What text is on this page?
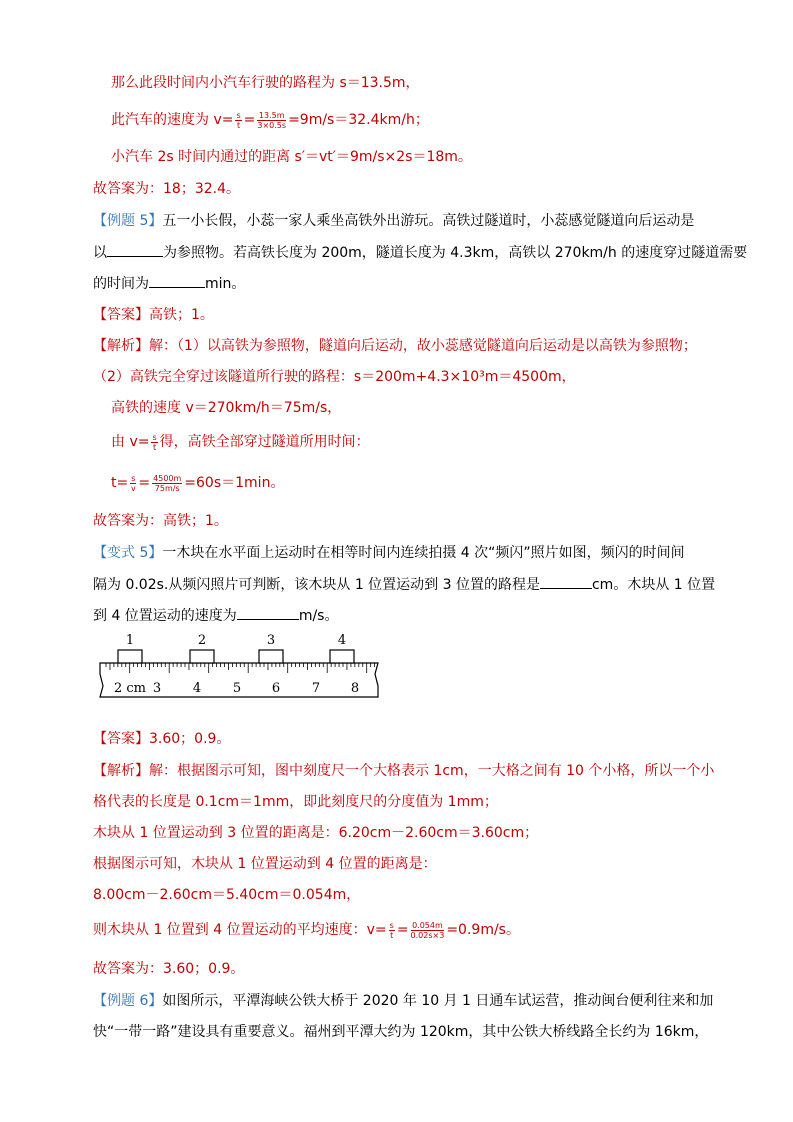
那么此段时间内小汽车行驶的路程为 s＝13.5m，
此汽车的速度为 $v= \frac{s}{t} = \frac{13.5m}{3\times 0.5s} =9m/s=32.4km/h$；
小汽车 2s 时间内通过的距离 s′＝vt′＝9m/s×2s＝18m。
故答案为：18；32.4。
【例题 5】五一小长假，小蕊一家人乘坐高铁外出游玩。高铁过隧道时，小蕊感觉隧道向后运动是
以	为参照物。若高铁长度为 200m，隧道长度为 4.3km，高铁以 270km/h 的速度穿过隧道需要
的时间为	min。
【答案】高铁；1。
【解析】解：（1）以高铁为参照物，隧道向后运动，故小蕊感觉隧道向后运动是以高铁为参照物；
（2）高铁完全穿过该隧道所行驶的路程：s＝200m+4.3×10³m＝4500m，
高铁的速度 v＝270km/h＝75m/s，
由 $v= \frac{s}{t}$ 得，高铁全部穿过隧道所用时间：
$t= \frac{s}{v} = \frac{4500m}{75m/s} =60s=1\min$。
故答案为：高铁；1。
【变式 5】一木块在水平面上运动时在相等时间内连续拍摄 4 次“频闪”照片如图，频闪的时间间
隔为 0.02s.从频闪照片可判断，该木块从 1 位置运动到 3 位置的路程是	cm。木块从 1 位置
到 4 位置运动的速度为	m/s。
1	2	3	4
2 cm 3 4 5 6 7 8
【答案】3.60；0.9。
【解析】解：根据图示可知，图中刻度尺一个大格表示 1cm，一大格之间有 10 个小格，所以一个小
格代表的长度是 0.1cm＝1mm，即此刻度尺的分度值为 1mm；
木块从 1 位置运动到 3 位置的距离是：6.20cm－2.60cm＝3.60cm；
根据图示可知，木块从 1 位置运动到 4 位置的距离是：
8.00cm－2.60cm＝5.40cm＝0.054m，
则木块从 1 位置到 4 位置运动的平均速度：$v= \frac{s}{t} = \frac{0.054m}{0.02s\times 3} =0.9m/s$。
故答案为：3.60；0.9。
【例题 6】如图所示，平潭海峡公铁大桥于 2020 年 10 月 1 日通车试运营，推动闽台便利往来和加
快“一带一路”建设具有重要意义。福州到平潭大约为 120km，其中公铁大桥线路全长约为 16km，
